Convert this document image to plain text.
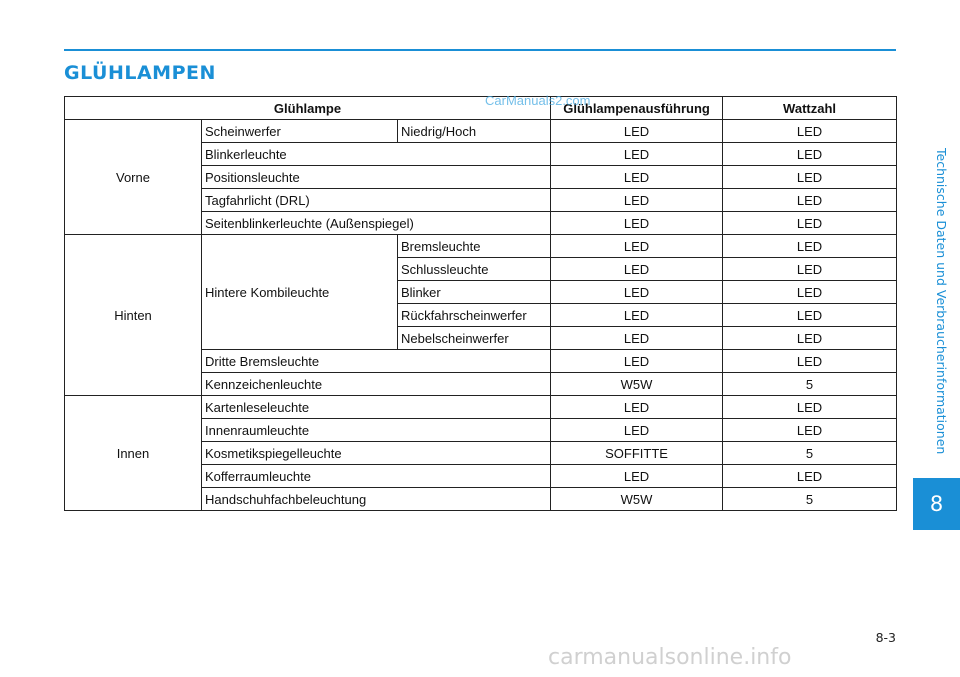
GLÜHLAMPEN
Technische Daten und Verbraucherinformationen
8
Glühlampe			Glühlampenausführung	Wattzahl
Vorne	Scheinwerfer	Niedrig/Hoch	LED	LED
	Blinkerleuchte		LED	LED
	Positionsleuchte		LED	LED
	Tagfahrlicht (DRL)		LED	LED
	Seitenblinkerleuchte (Außenspiegel)		LED	LED
Hinten	Hintere Kombileuchte	Bremsleuchte	LED	LED
		Schlussleuchte	LED	LED
		Blinker	LED	LED
		Rückfahrscheinwerfer	LED	LED
		Nebelscheinwerfer	LED	LED
	Dritte Bremsleuchte		LED	LED
	Kennzeichenleuchte		W5W	5
Innen	Kartenleseleuchte		LED	LED
	Innenraumleuchte		LED	LED
	Kosmetikspiegelleuchte		SOFFITTE	5
	Kofferraumleuchte		LED	LED
	Handschuhfachbeleuchtung		W5W	5
CarManuals2.com
8-3
carmanualsonline.info
